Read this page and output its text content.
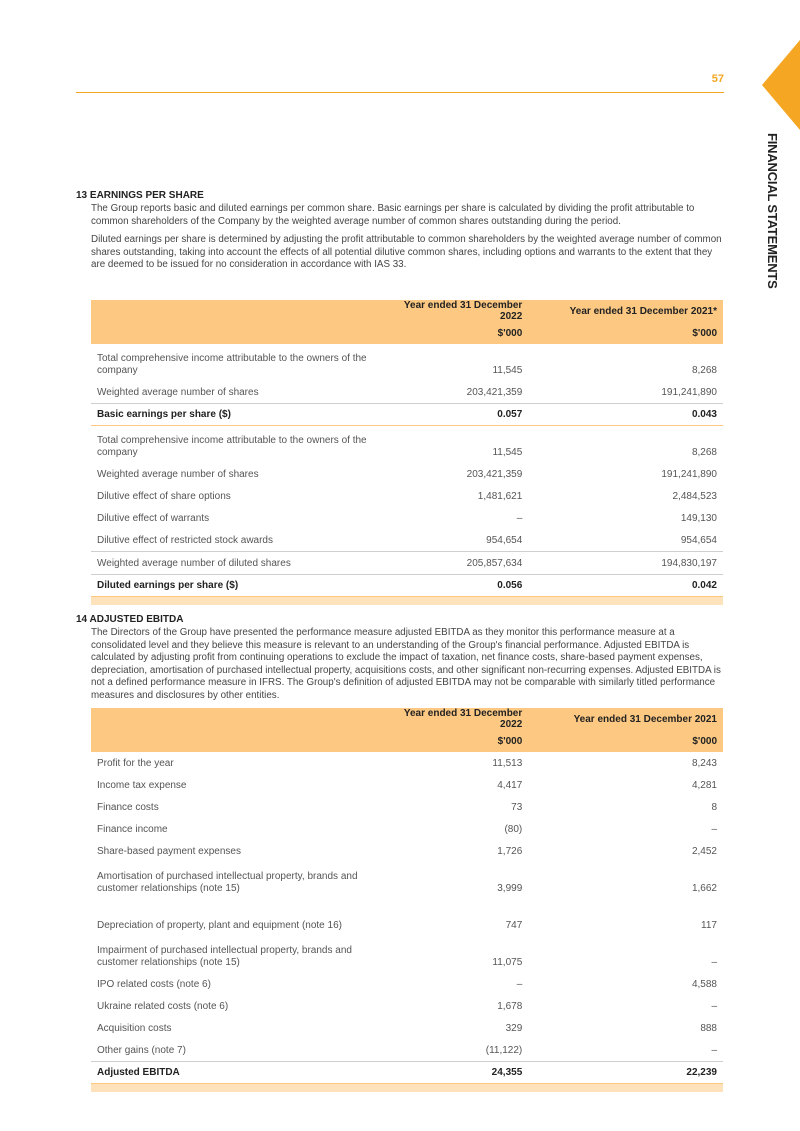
57
FINANCIAL STATEMENTS
13 EARNINGS PER SHARE

The Group reports basic and diluted earnings per common share. Basic earnings per share is calculated by dividing the profit attributable to common shareholders of the Company by the weighted average number of common shares outstanding during the period.

Diluted earnings per share is determined by adjusting the profit attributable to common shareholders by the weighted average number of common shares outstanding, taking into account the effects of all potential dilutive common shares, including options and warrants to the extent that they are deemed to be issued for no consideration in accordance with IAS 33.

	Year ended 31 December 2022	Year ended 31 December 2021*
	$'000	$'000
Total comprehensive income attributable to the owners of the company	11,545	8,268
Weighted average number of shares	203,421,359	191,241,890
Basic earnings per share ($)	0.057	0.043
Total comprehensive income attributable to the owners of the company	11,545	8,268
Weighted average number of shares	203,421,359	191,241,890
Dilutive effect of share options	1,481,621	2,484,523
Dilutive effect of warrants	–	149,130
Dilutive effect of restricted stock awards	954,654	954,654
Weighted average number of diluted shares	205,857,634	194,830,197
Diluted earnings per share ($)	0.056	0.042

14 ADJUSTED EBITDA

The Directors of the Group have presented the performance measure adjusted EBITDA as they monitor this performance measure at a consolidated level and they believe this measure is relevant to an understanding of the Group's financial performance. Adjusted EBITDA is calculated by adjusting profit from continuing operations to exclude the impact of taxation, net finance costs, share-based payment expenses, depreciation, amortisation of purchased intellectual property, acquisitions costs, and other significant non-recurring expenses. Adjusted EBITDA is not a defined performance measure in IFRS. The Group's definition of adjusted EBITDA may not be comparable with similarly titled performance measures and disclosures by other entities.

	Year ended 31 December 2022	Year ended 31 December 2021
	$'000	$'000
Profit for the year	11,513	8,243
Income tax expense	4,417	4,281
Finance costs	73	8
Finance income	(80)	–
Share-based payment expenses	1,726	2,452
Amortisation of purchased intellectual property, brands and customer relationships (note 15)	3,999	1,662
Depreciation of property, plant and equipment (note 16)	747	117
Impairment of purchased intellectual property, brands and customer relationships (note 15)	11,075	–
IPO related costs (note 6)	–	4,588
Ukraine related costs (note 6)	1,678	–
Acquisition costs	329	888
Other gains (note 7)	(11,122)	–
Adjusted EBITDA	24,355	22,239
